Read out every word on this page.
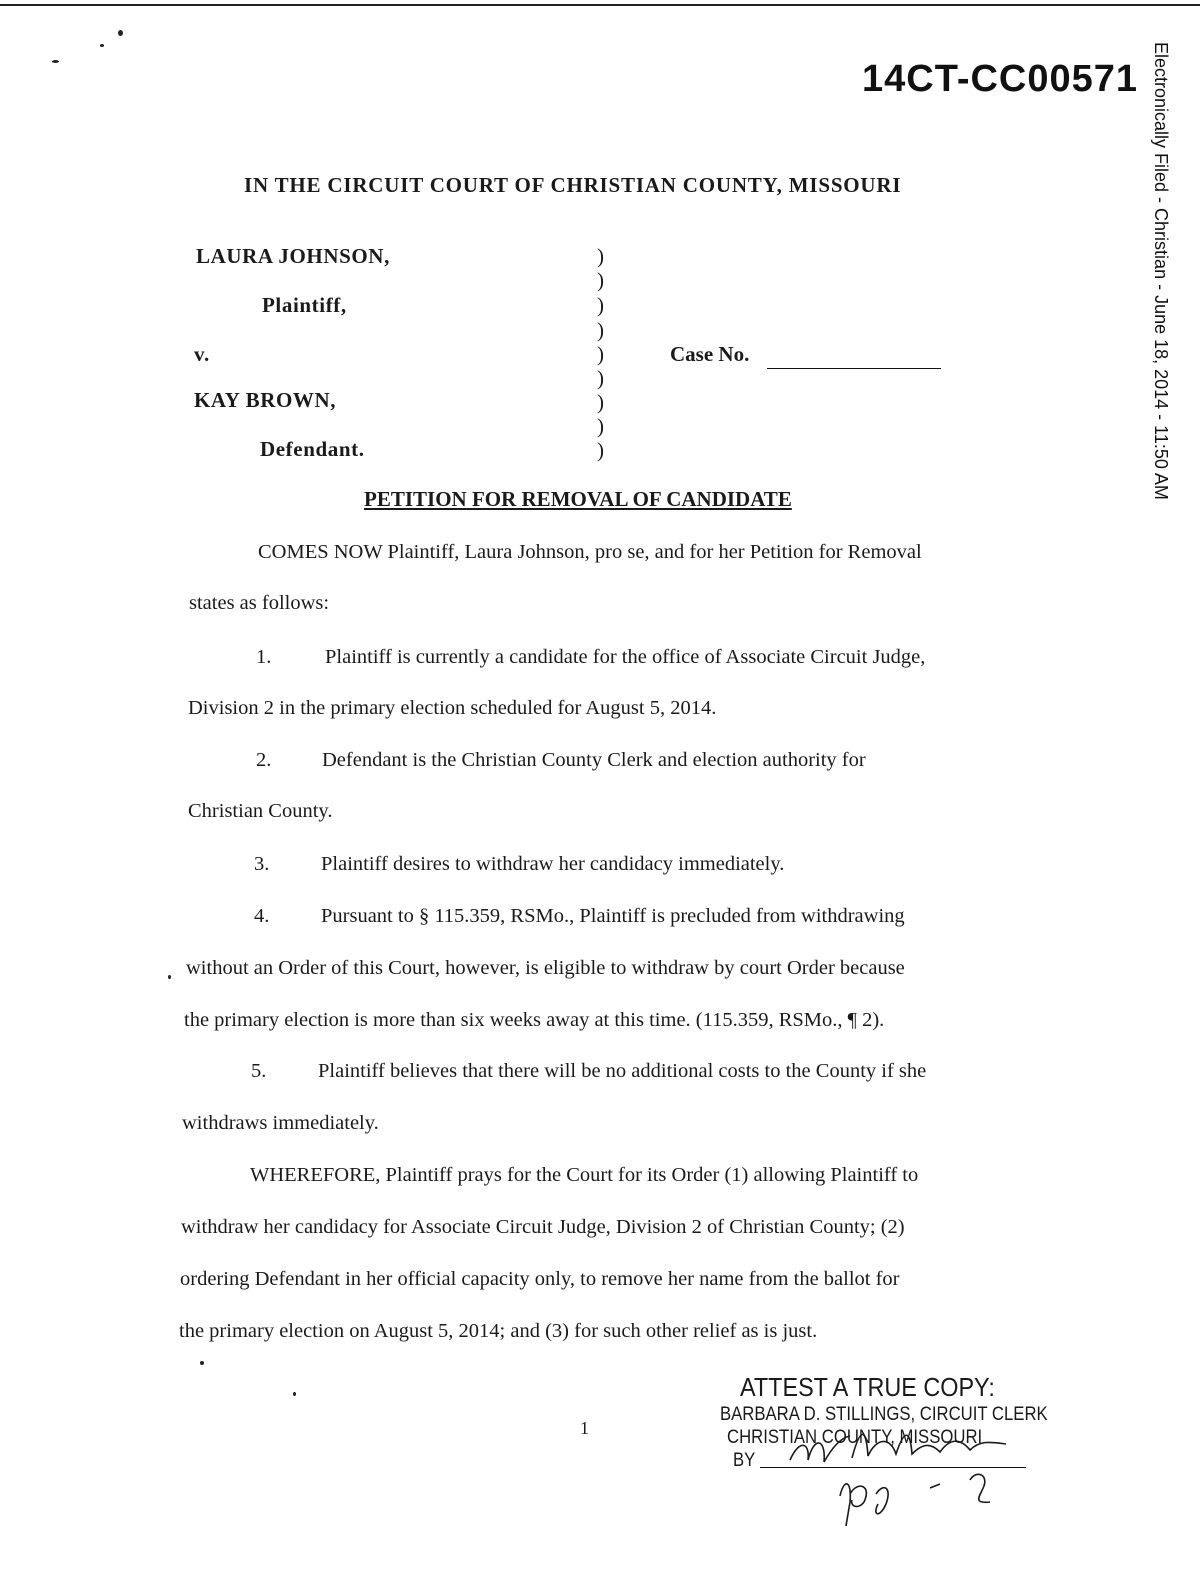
14CT-CC00571 Electronically Filed - Christian - June 18, 2014 - 11:50 AM
IN THE CIRCUIT COURT OF CHRISTIAN COUNTY, MISSOURI
LAURA JOHNSON,
Plaintiff,
v.
KAY BROWN,
Defendant.
)
)
)
)
)
)
)
)
)
Case No.
PETITION FOR REMOVAL OF CANDIDATE
COMES NOW Plaintiff, Laura Johnson, pro se, and for her Petition for Removal
states as follows:
1.	Plaintiff is currently a candidate for the office of Associate Circuit Judge,
Division 2 in the primary election scheduled for August 5, 2014.
2. Defendant is the Christian County Clerk and election authority for
Christian County.
3.	Plaintiff desires to withdraw her candidacy immediately.
4.	Pursuant to § 115.359, RSMo., Plaintiff is precluded from withdrawing
without an Order of this Court, however, is eligible to withdraw by court Order because
the primary election is more than six weeks away at this time. (115.359, RSMo., ¶ 2).
5.	Plaintiff believes that there will be no additional costs to the County if she
withdraws immediately.
WHEREFORE, Plaintiff prays for the Court for its Order (1) allowing Plaintiff to
withdraw her candidacy for Associate Circuit Judge, Division 2 of Christian County; (2)
ordering Defendant in her official capacity only, to remove her name from the ballot for
the primary election on August 5, 2014; and (3) for such other relief as is just.
1
ATTEST A TRUE COPY:
BARBARA D. STILLINGS, CIRCUIT CLERK
CHRISTIAN COUNTY, MISSOURI
BY
